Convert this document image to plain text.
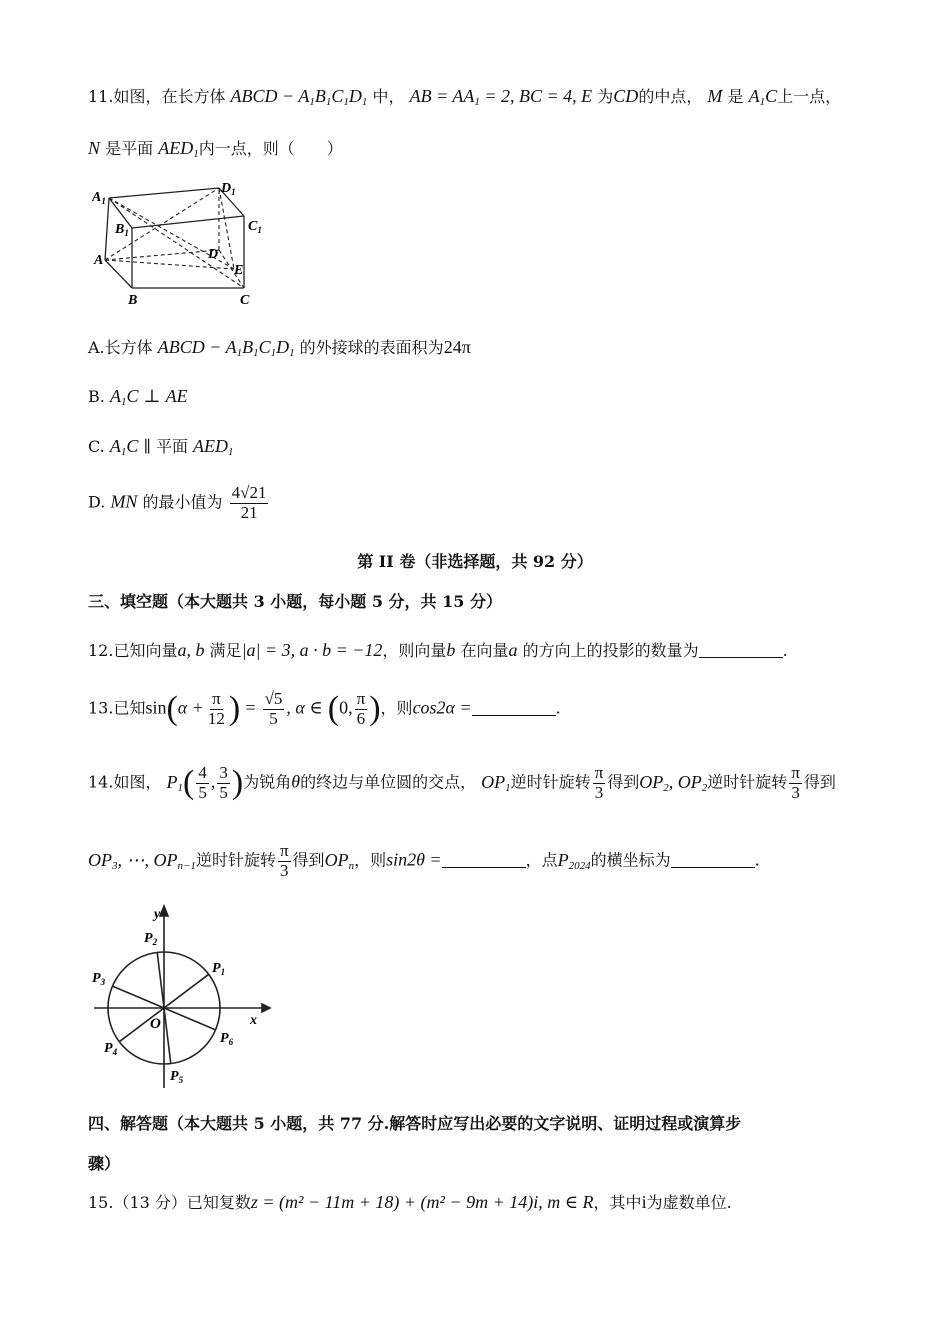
11.如图，在长方体 ABCD − $A_1B_1C_1D_1$ 中， AB = $AA_1 = 2$, BC = 4, E 为CD的中点， M 是 $A_1C$上一点，
N 是平面 $AED_1$内一点，则（　　）
$A_1$
$B_1$	$C_1$
$D_1$
A
B	C
D
E
A.长方体 ABCD − $A_1B_1C_1D_1$ 的外接球的表面积为24π
B. $A_1C$ ⊥ AE
C. $A_1C$ ∥ 平面 $AED_1$
D. MN 的最小值为 $\frac{4√21}{21}$
第 II 卷（非选择题，共 92 分）
三、填空题（本大题共 3 小题，每小题 5 分，共 15 分）
12.已知向量a, b 满足|a| = 3, a · b = −12，则向量b 在向量a 的方向上的投影的数量为	.
13.已知$\sin(\alpha + \frac{\pi}{12}$ ) = $\frac{√5}{5}$ , α ∈ (0, $\frac{\pi}{6}$ )，则cos2α =	.
14.如图， $P_1( \frac{4}{5}$ , $\frac{3}{5}$ )为锐角θ的终边与单位圆的交点， $OP_1$逆时针旋转 $\frac{\pi}{3}$ 得到$OP_2$, $OP_2$逆时针旋转 $\frac{\pi}{3}$ 得到
$OP_3$, ⋯, $OP_{n-1}$逆时针旋转 $\frac{\pi}{3}$ 得到$OP_n$，则sin2θ =	，点$P_{2024}$的横坐标为	.
x
y
O
$P_1$
$P_2$
$P_3$
$P_4$
$P_5$
$P_6$
四、解答题（本大题共 5 小题，共 77 分.解答时应写出必要的文字说明、证明过程或演算步
骤）
15.（13 分）已知复数z = (m² − 11m + 18) + (m² − 9m + 14)i, m ∈ R，其中i为虚数单位.
